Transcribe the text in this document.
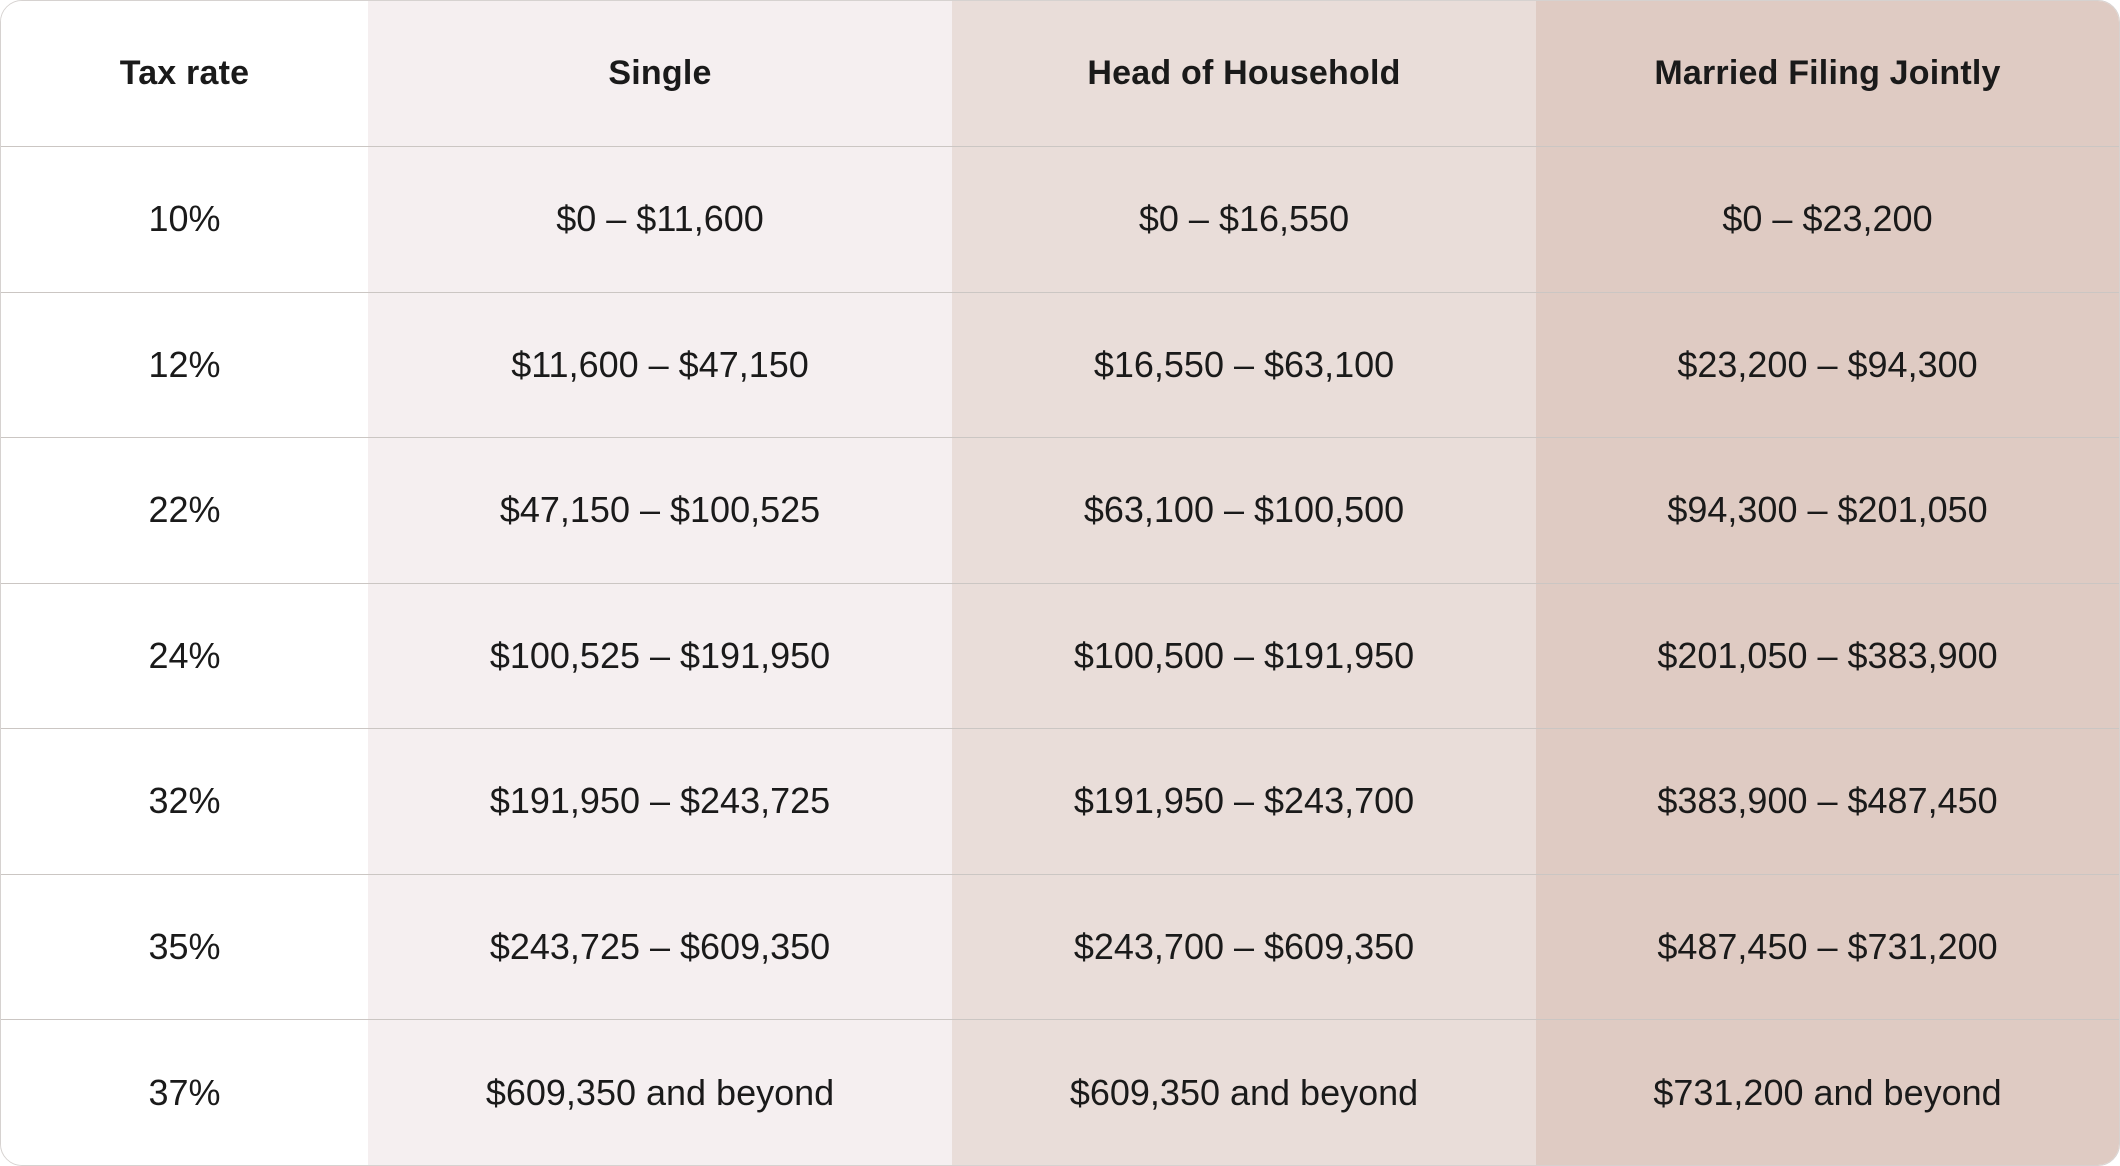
Tax rate	Single	Head of Household	Married Filing Jointly
10%	$0 – $11,600	$0 – $16,550	$0 – $23,200
12%	$11,600 – $47,150	$16,550 – $63,100	$23,200 – $94,300
22%	$47,150 – $100,525	$63,100 – $100,500	$94,300 – $201,050
24%	$100,525 – $191,950	$100,500 – $191,950	$201,050 – $383,900
32%	$191,950 – $243,725	$191,950 – $243,700	$383,900 – $487,450
35%	$243,725 – $609,350	$243,700 – $609,350	$487,450 – $731,200
37%	$609,350 and beyond	$609,350 and beyond	$731,200 and beyond
